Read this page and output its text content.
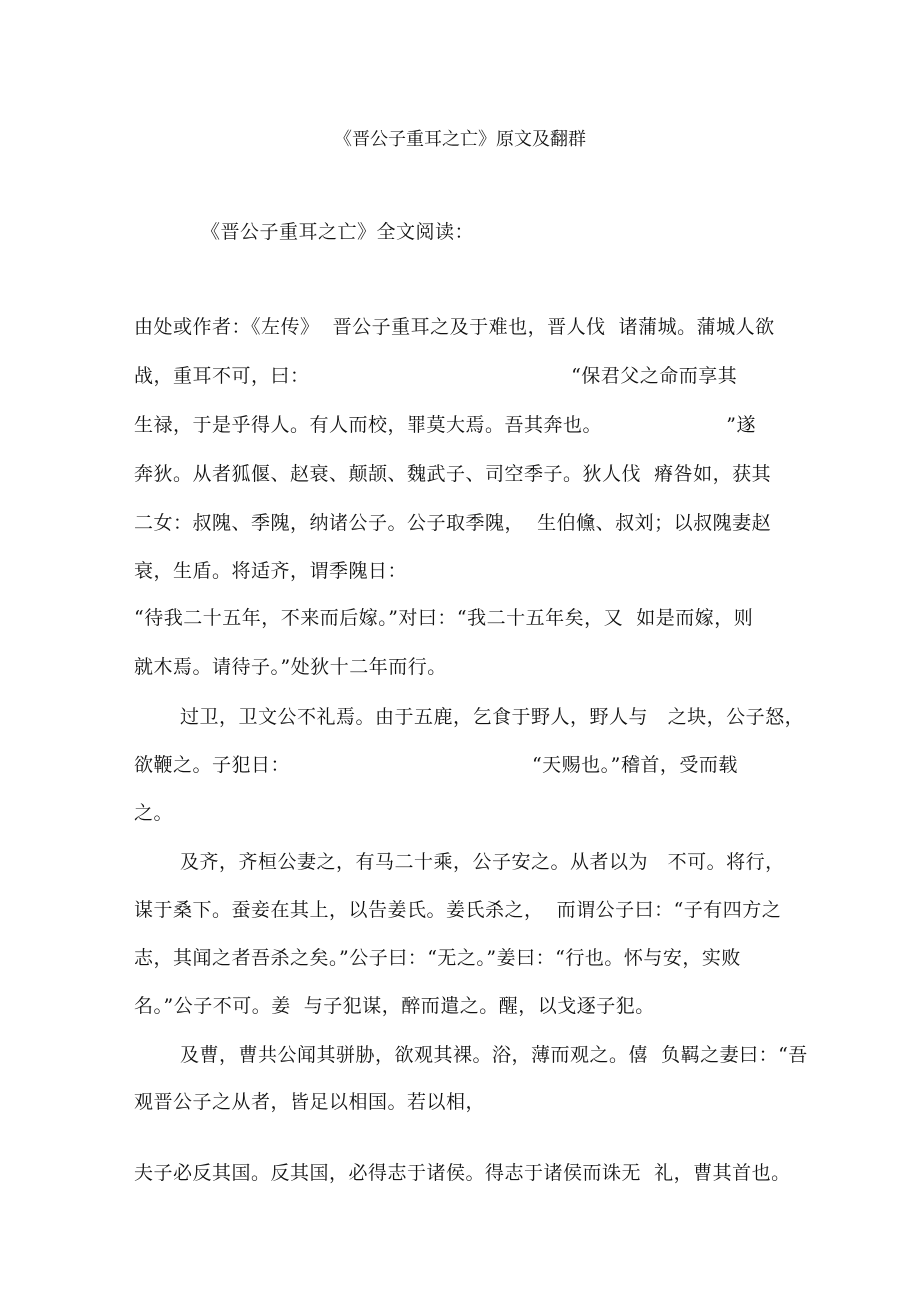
《晋公子重耳之亡》原文及翻群
《晋公子重耳之亡》全文阅读：
由处或作者：《左传》  晋公子重耳之及于难也，晋人伐  诸蒲城。蒲城人欲
战，重耳不可，曰：                                        “保君父之命而享其
生禄，于是乎得人。有人而校，罪莫大焉。吾其奔也。                   ”遂
奔狄。从者狐偃、赵衰、颠颉、魏武子、司空季子。狄人伐  瘠咎如，获其
二女：叔隗、季隗，纳诸公子。公子取季隗，  生伯儵、叔刘；以叔隗妻赵
衰，生盾。将适齐，谓季隗日：
“待我二十五年，不来而后嫁。”对曰：“我二十五年矣，又  如是而嫁，则
就木焉。请待子。”处狄十二年而行。
过卫，卫文公不礼焉。由于五鹿，乞食于野人，野人与   之块，公子怒，
欲鞭之。子犯日：                                     “天赐也。”稽首，受而载
之。
及齐，齐桓公妻之，有马二十乘，公子安之。从者以为   不可。将行，
谋于桑下。蚕妾在其上，以告姜氏。姜氏杀之，  而谓公子曰：“子有四方之
志，其闻之者吾杀之矣。”公子曰：“无之。”姜曰：“行也。怀与安，实败
名。”公子不可。姜  与子犯谋，醉而遣之。醒，以戈逐子犯。
及曹，曹共公闻其骈胁，欲观其裸。浴，薄而观之。僖  负羁之妻曰：“吾
观晋公子之从者，皆足以相国。若以相，
夫子必反其国。反其国，必得志于诸侯。得志于诸侯而诛无  礼，曹其首也。
